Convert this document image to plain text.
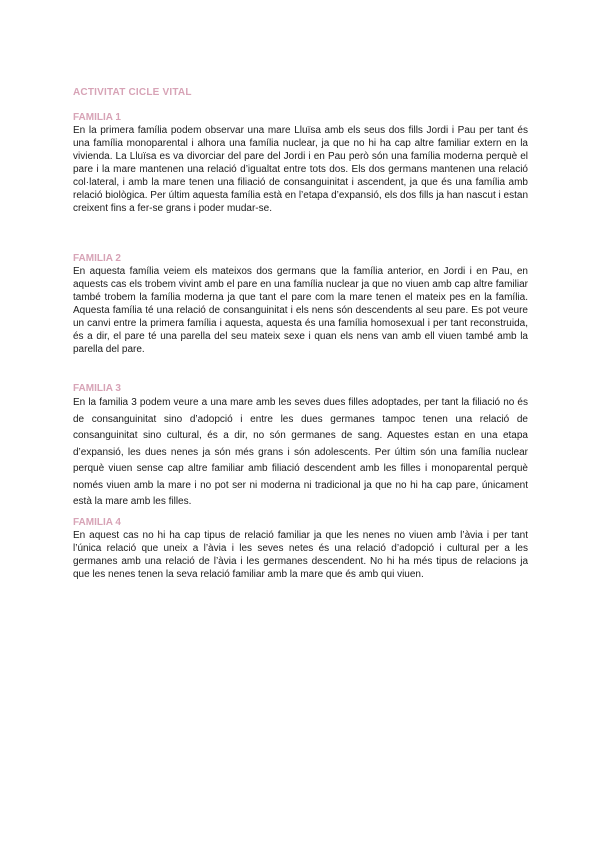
ACTIVITAT CICLE VITAL
FAMILIA 1
En la primera família podem observar una mare Lluïsa amb els seus dos fills Jordi i Pau per tant és una família monoparental i alhora una família nuclear, ja que no hi ha cap altre familiar extern en la vivienda. La Lluïsa es va divorciar del pare del Jordi i en Pau però són una família moderna perquè el pare i la mare mantenen una relació d’igualtat entre tots dos. Els dos germans mantenen una relació col·lateral, i amb la mare tenen una filiació de consanguinitat i ascendent, ja que és una família amb relació biològica. Per últim aquesta família està en l’etapa d’expansió, els dos fills ja han nascut i estan creixent fins a fer-se grans i poder mudar-se.
FAMILIA 2
En aquesta família veiem els mateixos dos germans que la família anterior, en Jordi i en Pau, en aquests cas els trobem vivint amb el pare en una família nuclear ja que no viuen amb cap altre familiar també trobem la família moderna ja que tant el pare com la mare tenen el mateix pes en la família. Aquesta família té una relació de consanguinitat i els nens són descendents al seu pare. Es pot veure un canvi entre la primera família i aquesta, aquesta és una família homosexual i per tant reconstruida, és a dir, el pare té una parella del seu mateix sexe i quan els nens van amb ell viuen també amb la parella del pare.
FAMILIA 3
En la familia 3 podem veure a una mare amb les seves dues filles adoptades, per tant la filiació no és de consanguinitat sino d’adopció i entre les dues germanes tampoc tenen una relació de consanguinitat sino cultural, és a dir, no són germanes de sang. Aquestes estan en una etapa d’expansió, les dues nenes ja són més grans i són adolescents. Per últim són una família nuclear perquè viuen sense cap altre familiar amb filiació descendent amb les filles i monoparental perquè només viuen amb la mare i no pot ser ni moderna ni tradicional ja que no hi ha cap pare, únicament està la mare amb les filles.
FAMILIA 4
En aquest cas no hi ha cap tipus de relació familiar ja que les nenes no viuen amb l’àvia i per tant l’única relació que uneix a l’àvia i les seves netes és una relació d’adopció i cultural per a les germanes amb una relació de l’àvia i les germanes descendent. No hi ha més tipus de relacions ja que les nenes tenen la seva relació familiar amb la mare que és amb qui viuen.
